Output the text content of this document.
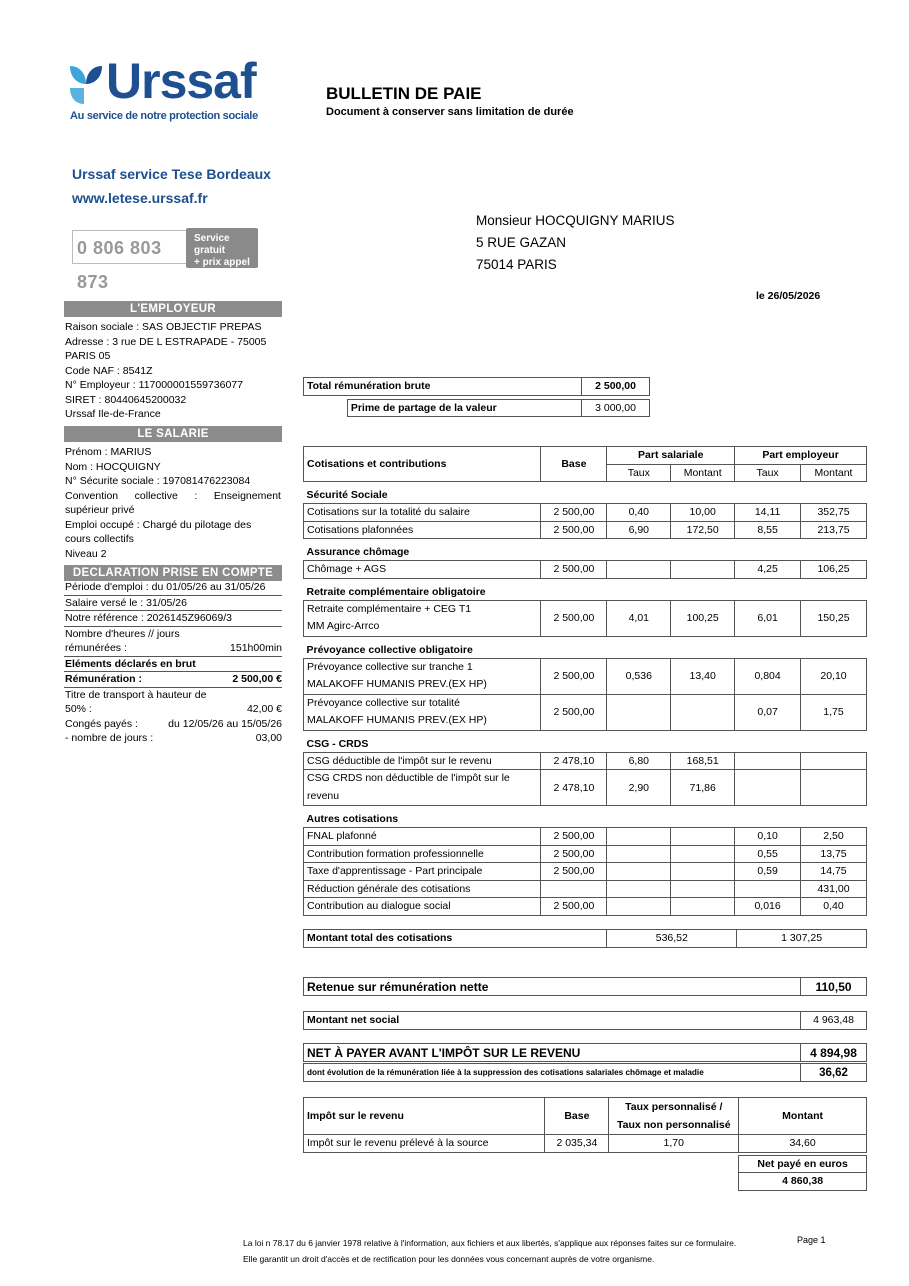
Urssaf
Au service de notre protection sociale
BULLETIN DE PAIE
Document à conserver sans limitation de durée
Urssaf service Tese Bordeaux
www.letese.urssaf.fr
0 806 803 873
Service gratuit
+ prix appel
Monsieur HOCQUIGNY MARIUS
5 RUE GAZAN
75014 PARIS
le 26/05/2026
L'EMPLOYEUR
Raison sociale : SAS OBJECTIF PREPAS
Adresse : 3 rue DE L ESTRAPADE - 75005
PARIS 05
Code NAF : 8541Z
N° Employeur : 117000001559736077
SIRET : 80440645200032
Urssaf Ile-de-France
LE SALARIE
Prénom : MARIUS
Nom : HOCQUIGNY
N° Sécurite sociale : 197081476223084
Convention collective : Enseignement
supérieur privé
Emploi occupé : Chargé du pilotage des
cours collectifs
Niveau 2
DECLARATION PRISE EN COMPTE
Période d'emploi : du 01/05/26 au 31/05/26
Salaire versé le : 31/05/26
Notre référence : 2026145Z96069/3
Nombre d'heures // jours
rémunérées :	151h00min
Eléments déclarés en brut
Rémunération :	2 500,00 €
Titre de transport à hauteur de
50% :	42,00 €
Congés payés :	du 12/05/26 au 15/05/26
- nombre de jours :	03,00
Total rémunération brute		2 500,00

	Prime de partage de la valeur	3 000,00
Cotisations et contributions	Base	Part salariale		Part employeur	
		Taux	Montant	Taux	Montant
Sécurité Sociale					
Cotisations sur la totalité du salaire	2 500,00	0,40	10,00	14,11	352,75
Cotisations plafonnées	2 500,00	6,90	172,50	8,55	213,75
Assurance chômage					
Chômage + AGS	2 500,00			4,25	106,25
Retraite complémentaire obligatoire					

Retraite complémentaire + CEG T1
MM Agirc-Arrco	2 500,00	4,01	100,25	6,01	150,25
Prévoyance collective obligatoire					

Prévoyance collective sur tranche 1
MALAKOFF HUMANIS PREV.(EX HP)	2 500,00	0,536	13,40	0,804	20,10

Prévoyance collective sur totalité
MALAKOFF HUMANIS PREV.(EX HP)	2 500,00			0,07	1,75
CSG - CRDS					
CSG déductible de l'impôt sur le revenu	2 478,10	6,80	168,51		

CSG CRDS non déductible de l'impôt sur le
revenu	2 478,10	2,90	71,86		
Autres cotisations					
FNAL plafonné	2 500,00			0,10	2,50
Contribution formation professionnelle	2 500,00			0,55	13,75
Taxe d'apprentissage - Part principale	2 500,00			0,59	14,75
Réduction générale des cotisations					431,00
Contribution au dialogue social	2 500,00			0,016	0,40
Montant total des cotisations	536,52	1 307,25
Retenue sur rémunération nette	110,50
Montant net social	4 963,48
NET À PAYER AVANT L'IMPÔT SUR LE REVENU	4 894,98

dont évolution de la rémunération liée à la suppression des cotisations salariales chômage et maladie	36,62
Impôt sur le revenu	Base	Taux personnalisé /
Taux non personnalisé	Montant
Impôt sur le revenu prélevé à la source	2 035,34	1,70	34,60

			Net payé en euros
			4 860,38
La loi n 78.17 du 6 janvier 1978 relative à l'information, aux fichiers et aux libertés, s'applique aux réponses faites sur ce formulaire.
Elle garantit un droit d'accès et de rectification pour les données vous concernant auprès de votre organisme.
Page 1
